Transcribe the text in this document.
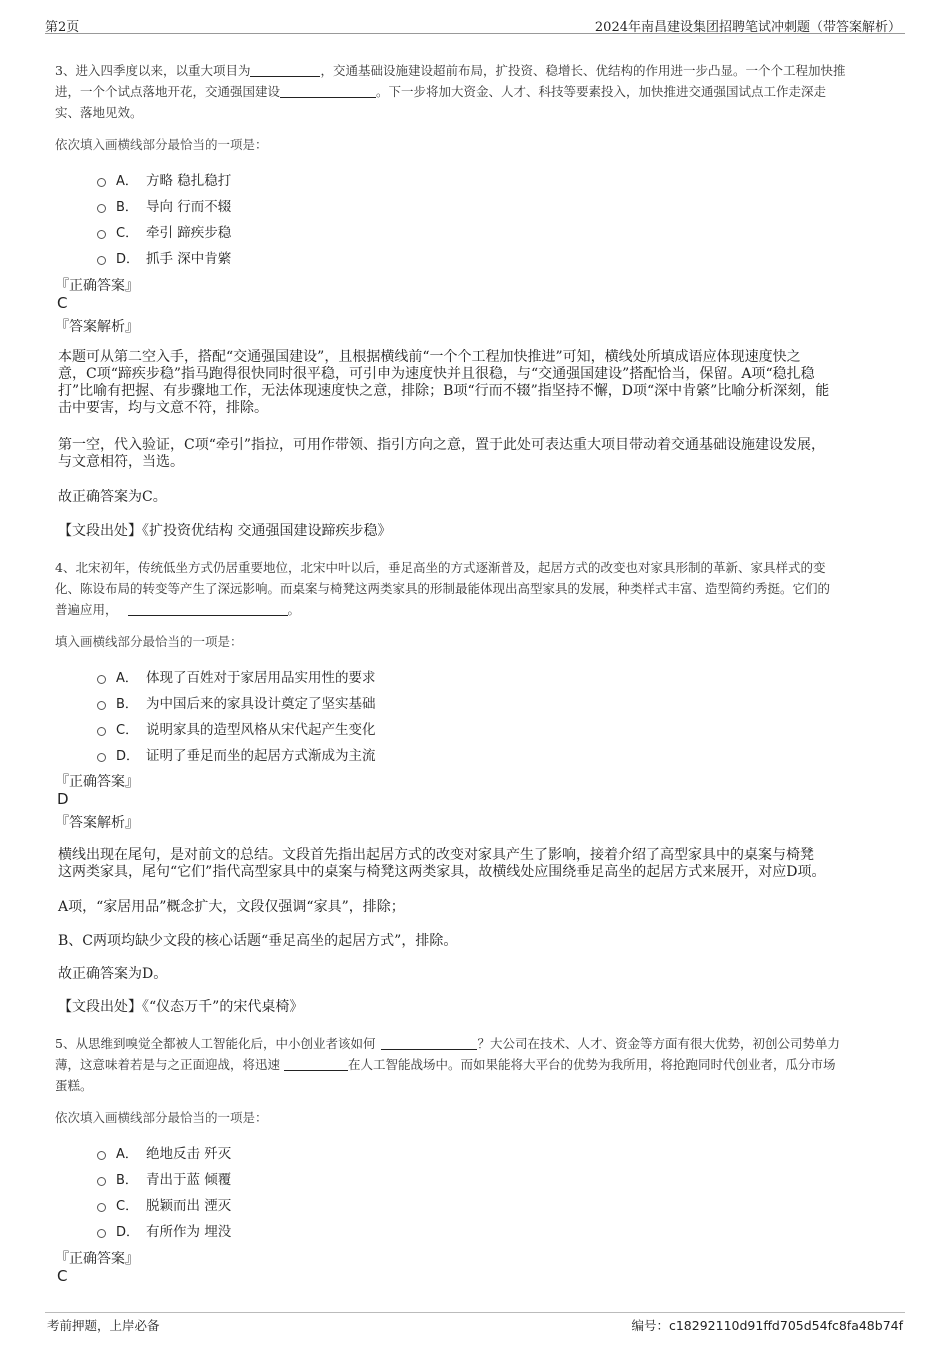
第2页	2024年南昌建设集团招聘笔试冲刺题（带答案解析）
3、进入四季度以来，以重大项目为	，交通基础设施建设超前布局，扩投资、稳增长、优结构的作用进一步凸显。一个个工程加快推
进，一个个试点落地开花，交通强国建设	。下一步将加大资金、人才、科技等要素投入，加快推进交通强国试点工作走深走
实、落地见效。
依次填入画横线部分最恰当的一项是：
A． 方略 稳扎稳打
B． 导向 行而不辍
C． 牵引 蹄疾步稳
D． 抓手 深中肯綮
『正确答案』
C
『答案解析』
本题可从第二空入手，搭配“交通强国建设”，且根据横线前“一个个工程加快推进”可知，横线处所填成语应体现速度快之
意，C项“蹄疾步稳”指马跑得很快同时很平稳，可引申为速度快并且很稳，与“交通强国建设”搭配恰当，保留。A项“稳扎稳
打”比喻有把握、有步骤地工作，无法体现速度快之意，排除；B项“行而不辍”指坚持不懈，D项“深中肯綮”比喻分析深刻，能
击中要害，均与文意不符，排除。
第一空，代入验证，C项“牵引”指拉，可用作带领、指引方向之意，置于此处可表达重大项目带动着交通基础设施建设发展，
与文意相符，当选。
故正确答案为C。
【文段出处】《扩投资优结构 交通强国建设蹄疾步稳》
4、北宋初年，传统低坐方式仍居重要地位，北宋中叶以后，垂足高坐的方式逐渐普及，起居方式的改变也对家具形制的革新、家具样式的变
化、陈设布局的转变等产生了深远影响。而桌案与椅凳这两类家具的形制最能体现出高型家具的发展，种类样式丰富、造型简约秀挺。它们的
普遍应用，	。
填入画横线部分最恰当的一项是：
A． 体现了百姓对于家居用品实用性的要求
B． 为中国后来的家具设计奠定了坚实基础
C． 说明家具的造型风格从宋代起产生变化
D． 证明了垂足而坐的起居方式渐成为主流
『正确答案』
D
『答案解析』
横线出现在尾句，是对前文的总结。文段首先指出起居方式的改变对家具产生了影响，接着介绍了高型家具中的桌案与椅凳
这两类家具，尾句“它们”指代高型家具中的桌案与椅凳这两类家具，故横线处应围绕垂足高坐的起居方式来展开，对应D项。
A项，“家居用品”概念扩大，文段仅强调“家具”，排除；
B、C两项均缺少文段的核心话题“垂足高坐的起居方式”，排除。
故正确答案为D。
【文段出处】《“仪态万千”的宋代桌椅》
5、从思维到嗅觉全都被人工智能化后，中小创业者该如何	？大公司在技术、人才、资金等方面有很大优势，初创公司势单力
薄，这意味着若是与之正面迎战，将迅速	在人工智能战场中。而如果能将大平台的优势为我所用，将抢跑同时代创业者，瓜分市场
蛋糕。
依次填入画横线部分最恰当的一项是：
A． 绝地反击 歼灭
B． 青出于蓝 倾覆
C． 脱颖而出 湮灭
D． 有所作为 埋没
『正确答案』
C
考前押题，上岸必备	编号：c18292110d91ffd705d54fc8fa48b74f
